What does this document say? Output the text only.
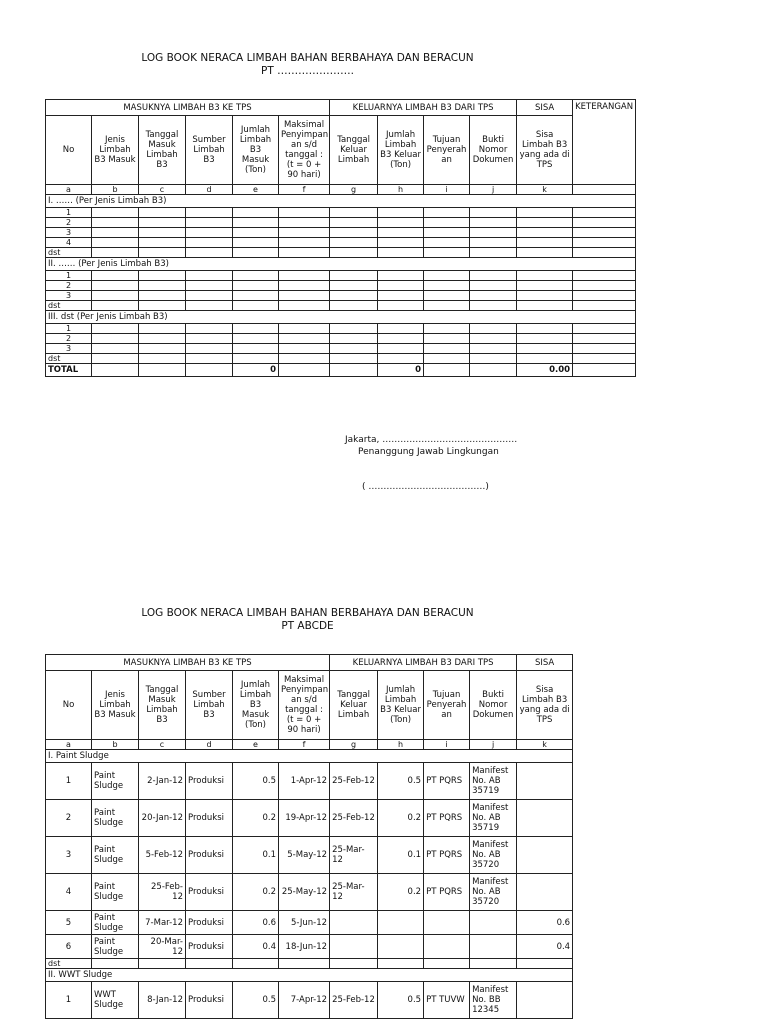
LOG BOOK NERACA LIMBAH BAHAN BERBAHAYA DAN BERACUN
PT ………………….
MASUKNYA LIMBAH B3 KE TPS						KELUARNYA LIMBAH B3 DARI TPS				SISA	KETERANGAN
No	Jenis Limbah B3 Masuk	Tanggal Masuk Limbah B3	Sumber Limbah B3	Jumlah Limbah B3 Masuk (Ton)	Maksimal Penyimpan an s/d tanggal : (t = 0 + 90 hari)	Tanggal Keluar Limbah	Jumlah Limbah B3 Keluar (Ton)	Tujuan Penyerah an	Bukti Nomor Dokumen	Sisa Limbah B3 yang ada di TPS	
a	b	c	d	e	f	g	h	i	j	k	
I. …… (Per Jenis Limbah B3)											
1											
2											
3											
4											
dst											
II. …… (Per Jenis Limbah B3)											
1											
2											
3											
dst											
III. dst (Per Jenis Limbah B3)											
1											
2											
3											
dst											
TOTAL				0			0			0.00	
Jakarta, ………………………………………
Penanggung Jawab Lingkungan
( …………………………………)
LOG BOOK NERACA LIMBAH BAHAN BERBAHAYA DAN BERACUN
PT ABCDE
MASUKNYA LIMBAH B3 KE TPS						KELUARNYA LIMBAH B3 DARI TPS				SISA
No	Jenis Limbah B3 Masuk	Tanggal Masuk Limbah B3	Sumber Limbah B3	Jumlah Limbah B3 Masuk (Ton)	Maksimal Penyimpan an s/d tanggal : (t = 0 + 90 hari)	Tanggal Keluar Limbah	Jumlah Limbah B3 Keluar (Ton)	Tujuan Penyerah an	Bukti Nomor Dokumen	Sisa Limbah B3 yang ada di TPS
a	b	c	d	e	f	g	h	i	j	k
I. Paint Sludge										
1	Paint Sludge	2-Jan-12	Produksi	0.5	1-Apr-12	25-Feb-12	0.5	PT PQRS	Manifest No. AB 35719	
2	Paint Sludge	20-Jan-12	Produksi	0.2	19-Apr-12	25-Feb-12	0.2	PT PQRS	Manifest No. AB 35719	
3	Paint Sludge	5-Feb-12	Produksi	0.1	5-May-12	25-Mar-12	0.1	PT PQRS	Manifest No. AB 35720	
4	Paint Sludge	25-Feb-12	Produksi	0.2	25-May-12	25-Mar-12	0.2	PT PQRS	Manifest No. AB 35720	
5	Paint Sludge	7-Mar-12	Produksi	0.6	5-Jun-12					0.6
6	Paint Sludge	20-Mar-12	Produksi	0.4	18-Jun-12					0.4
dst										
II. WWT Sludge										
1	WWT Sludge	8-Jan-12	Produksi	0.5	7-Apr-12	25-Feb-12	0.5	PT TUVW	Manifest No. BB 12345	
